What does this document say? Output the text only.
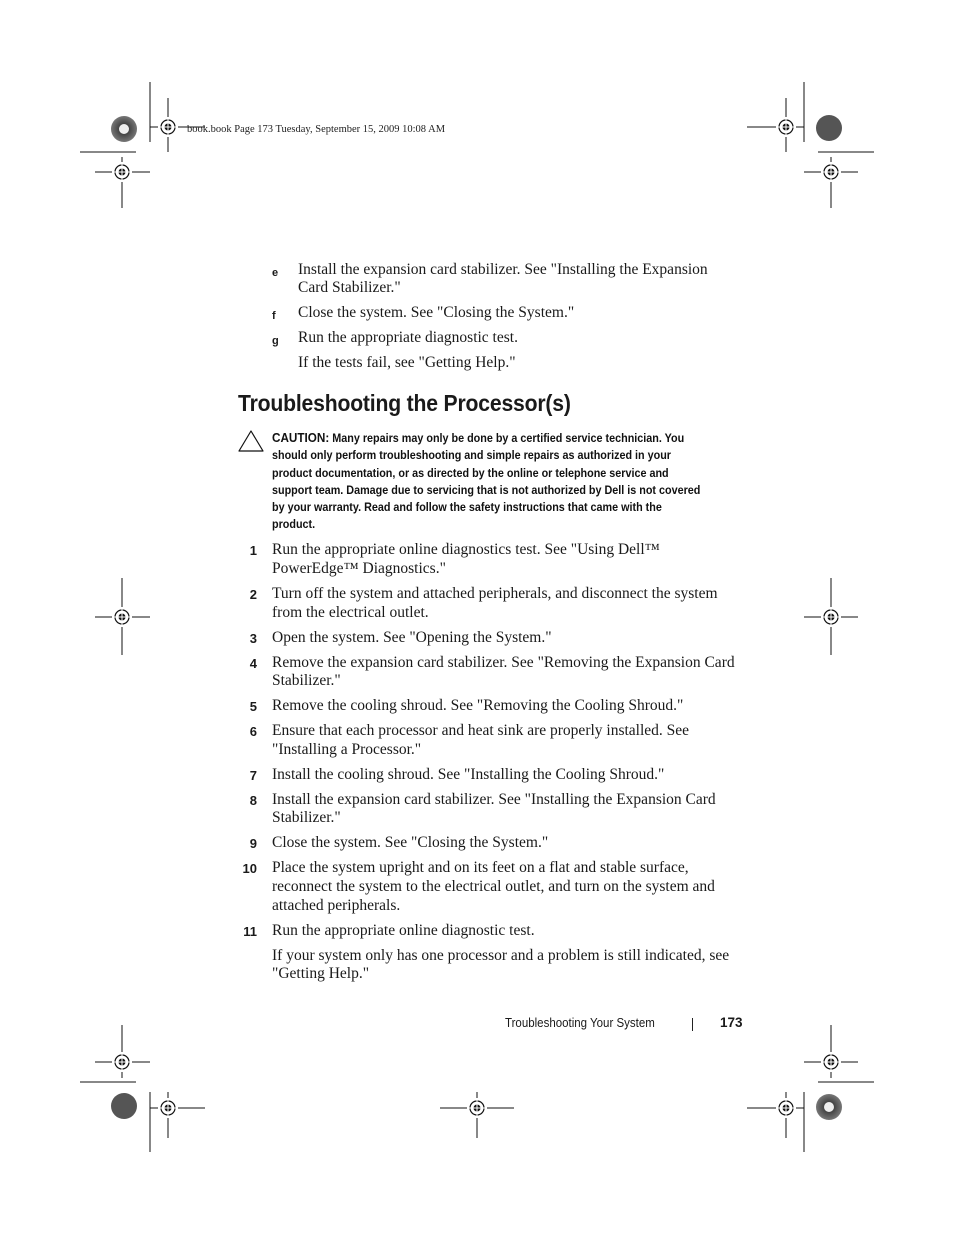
book.book Page 173 Tuesday, September 15, 2009 10:08 AM
e Install the expansion card stabilizer. See "Installing the Expansion
Card Stabilizer."
f Close the system. See "Closing the System."
g Run the appropriate diagnostic test.
If the tests fail, see "Getting Help."
Troubleshooting the Processor(s)
CAUTION: Many repairs may only be done by a certified service technician. You
should only perform troubleshooting and simple repairs as authorized in your
product documentation, or as directed by the online or telephone service and
support team. Damage due to servicing that is not authorized by Dell is not covered
by your warranty. Read and follow the safety instructions that came with the
product.
1 Run the appropriate online diagnostics test. See "Using Dell™
PowerEdge™ Diagnostics."
2 Turn off the system and attached peripherals, and disconnect the system
from the electrical outlet.
3 Open the system. See "Opening the System."
4 Remove the expansion card stabilizer. See "Removing the Expansion Card
Stabilizer."
5 Remove the cooling shroud. See "Removing the Cooling Shroud."
6 Ensure that each processor and heat sink are properly installed. See
"Installing a Processor."
7 Install the cooling shroud. See "Installing the Cooling Shroud."
8 Install the expansion card stabilizer. See "Installing the Expansion Card
Stabilizer."
9 Close the system. See "Closing the System."
10 Place the system upright and on its feet on a flat and stable surface,
reconnect the system to the electrical outlet, and turn on the system and
attached peripherals.
11 Run the appropriate online diagnostic test.
If your system only has one processor and a problem is still indicated, see
"Getting Help."
Troubleshooting Your System	173
